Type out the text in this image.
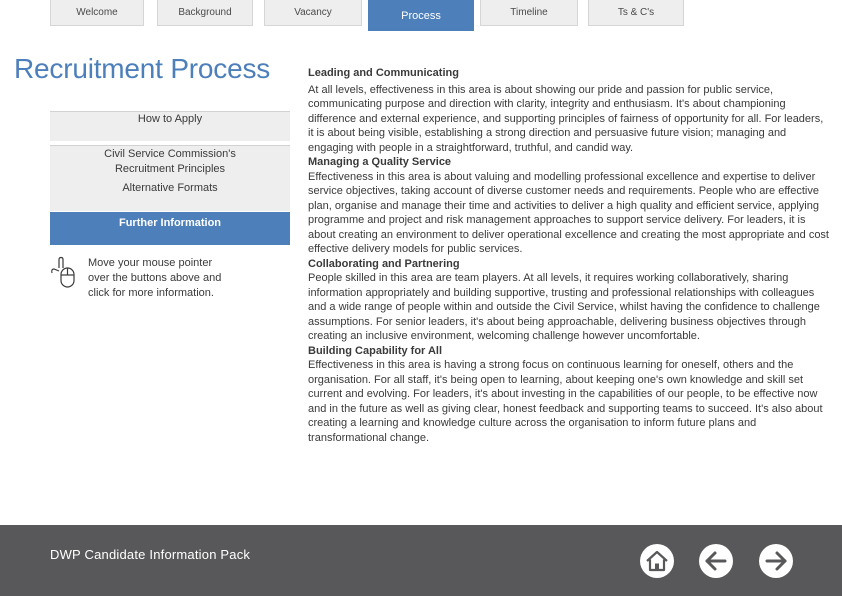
Welcome	Background	Vacancy	Process	Timeline	Ts & C's
Recruitment Process
How to Apply
Civil Service Commission's
Recruitment Principles
Alternative Formats
Further Information
Move your mouse pointer
over the buttons above and
click for more information.
Leading and Communicating

At all levels, effectiveness in this area is about showing our pride and passion for public service, communicating purpose and direction with clarity, integrity and enthusiasm. It's about championing difference and external experience, and supporting principles of fairness of opportunity for all. For leaders, it is about being visible, establishing a strong direction and persuasive future vision; managing and engaging with people in a straightforward, truthful, and candid way.

Managing a Quality Service

Effectiveness in this area is about valuing and modelling professional excellence and expertise to deliver service objectives, taking account of diverse customer needs and requirements. People who are effective plan, organise and manage their time and activities to deliver a high quality and efficient service, applying programme and project and risk management approaches to support service delivery. For leaders, it is about creating an environment to deliver operational excellence and creating the most appropriate and cost effective delivery models for public services.

Collaborating and Partnering

People skilled in this area are team players. At all levels, it requires working collaboratively, sharing information appropriately and building supportive, trusting and professional relationships with colleagues and a wide range of people within and outside the Civil Service, whilst having the confidence to challenge assumptions. For senior leaders, it's about being approachable, delivering business objectives through creating an inclusive environment, welcoming challenge however uncomfortable.

Building Capability for All

Effectiveness in this area is having a strong focus on continuous learning for oneself, others and the organisation. For all staff, it's being open to learning, about keeping one's own knowledge and skill set current and evolving. For leaders, it's about investing in the capabilities of our people, to be effective now and in the future as well as giving clear, honest feedback and supporting teams to succeed. It's also about creating a learning and knowledge culture across the organisation to inform future plans and transformational change.

DWP Candidate Information Pack
